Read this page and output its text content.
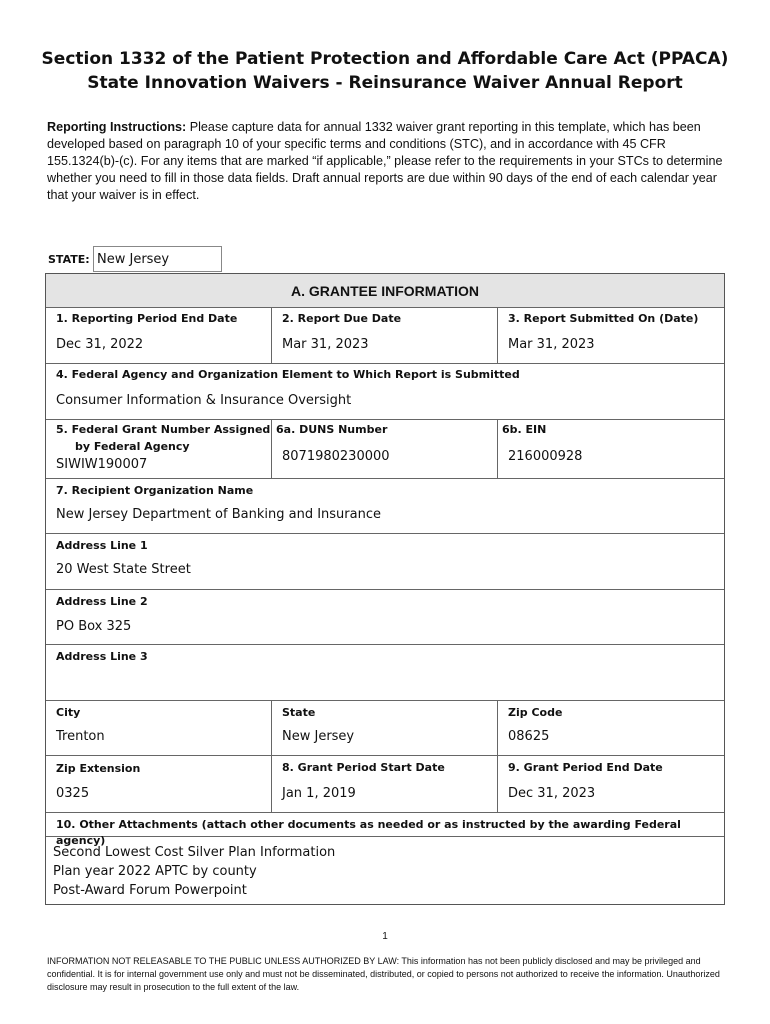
Section 1332 of the Patient Protection and Affordable Care Act (PPACA)
State Innovation Waivers - Reinsurance Waiver Annual Report
Reporting Instructions: Please capture data for annual 1332 waiver grant reporting in this template, which has been developed based on paragraph 10 of your specific terms and conditions (STC), and in accordance with 45 CFR 155.1324(b)-(c). For any items that are marked “if applicable,” please refer to the requirements in your STCs to determine whether you need to fill in those data fields. Draft annual reports are due within 90 days of the end of each calendar year that your waiver is in effect.
STATE: New Jersey
A. GRANTEE INFORMATION
1. Reporting Period End Date
Dec 31, 2022
2. Report Due Date
Mar 31, 2023
3. Report Submitted On (Date)
Mar 31, 2023
4. Federal Agency and Organization Element to Which Report is Submitted
Consumer Information & Insurance Oversight
5. Federal Grant Number Assigned
by Federal Agency
SIWIW190007
6a. DUNS Number
8071980230000
6b. EIN
216000928
7. Recipient Organization Name
New Jersey Department of Banking and Insurance
Address Line 1
20 West State Street
Address Line 2
PO Box 325
Address Line 3
City
Trenton
State
New Jersey
Zip Code
08625
Zip Extension
0325
8. Grant Period Start Date
Jan 1, 2019
9. Grant Period End Date
Dec 31, 2023
10. Other Attachments (attach other documents as needed or as instructed by the awarding Federal agency)
Second Lowest Cost Silver Plan Information
Plan year 2022 APTC by county
Post-Award Forum Powerpoint
1
INFORMATION NOT RELEASABLE TO THE PUBLIC UNLESS AUTHORIZED BY LAW: This information has not been publicly disclosed and may be privileged and confidential. It is for internal government use only and must not be disseminated, distributed, or copied to persons not authorized to receive the information. Unauthorized disclosure may result in prosecution to the full extent of the law.
